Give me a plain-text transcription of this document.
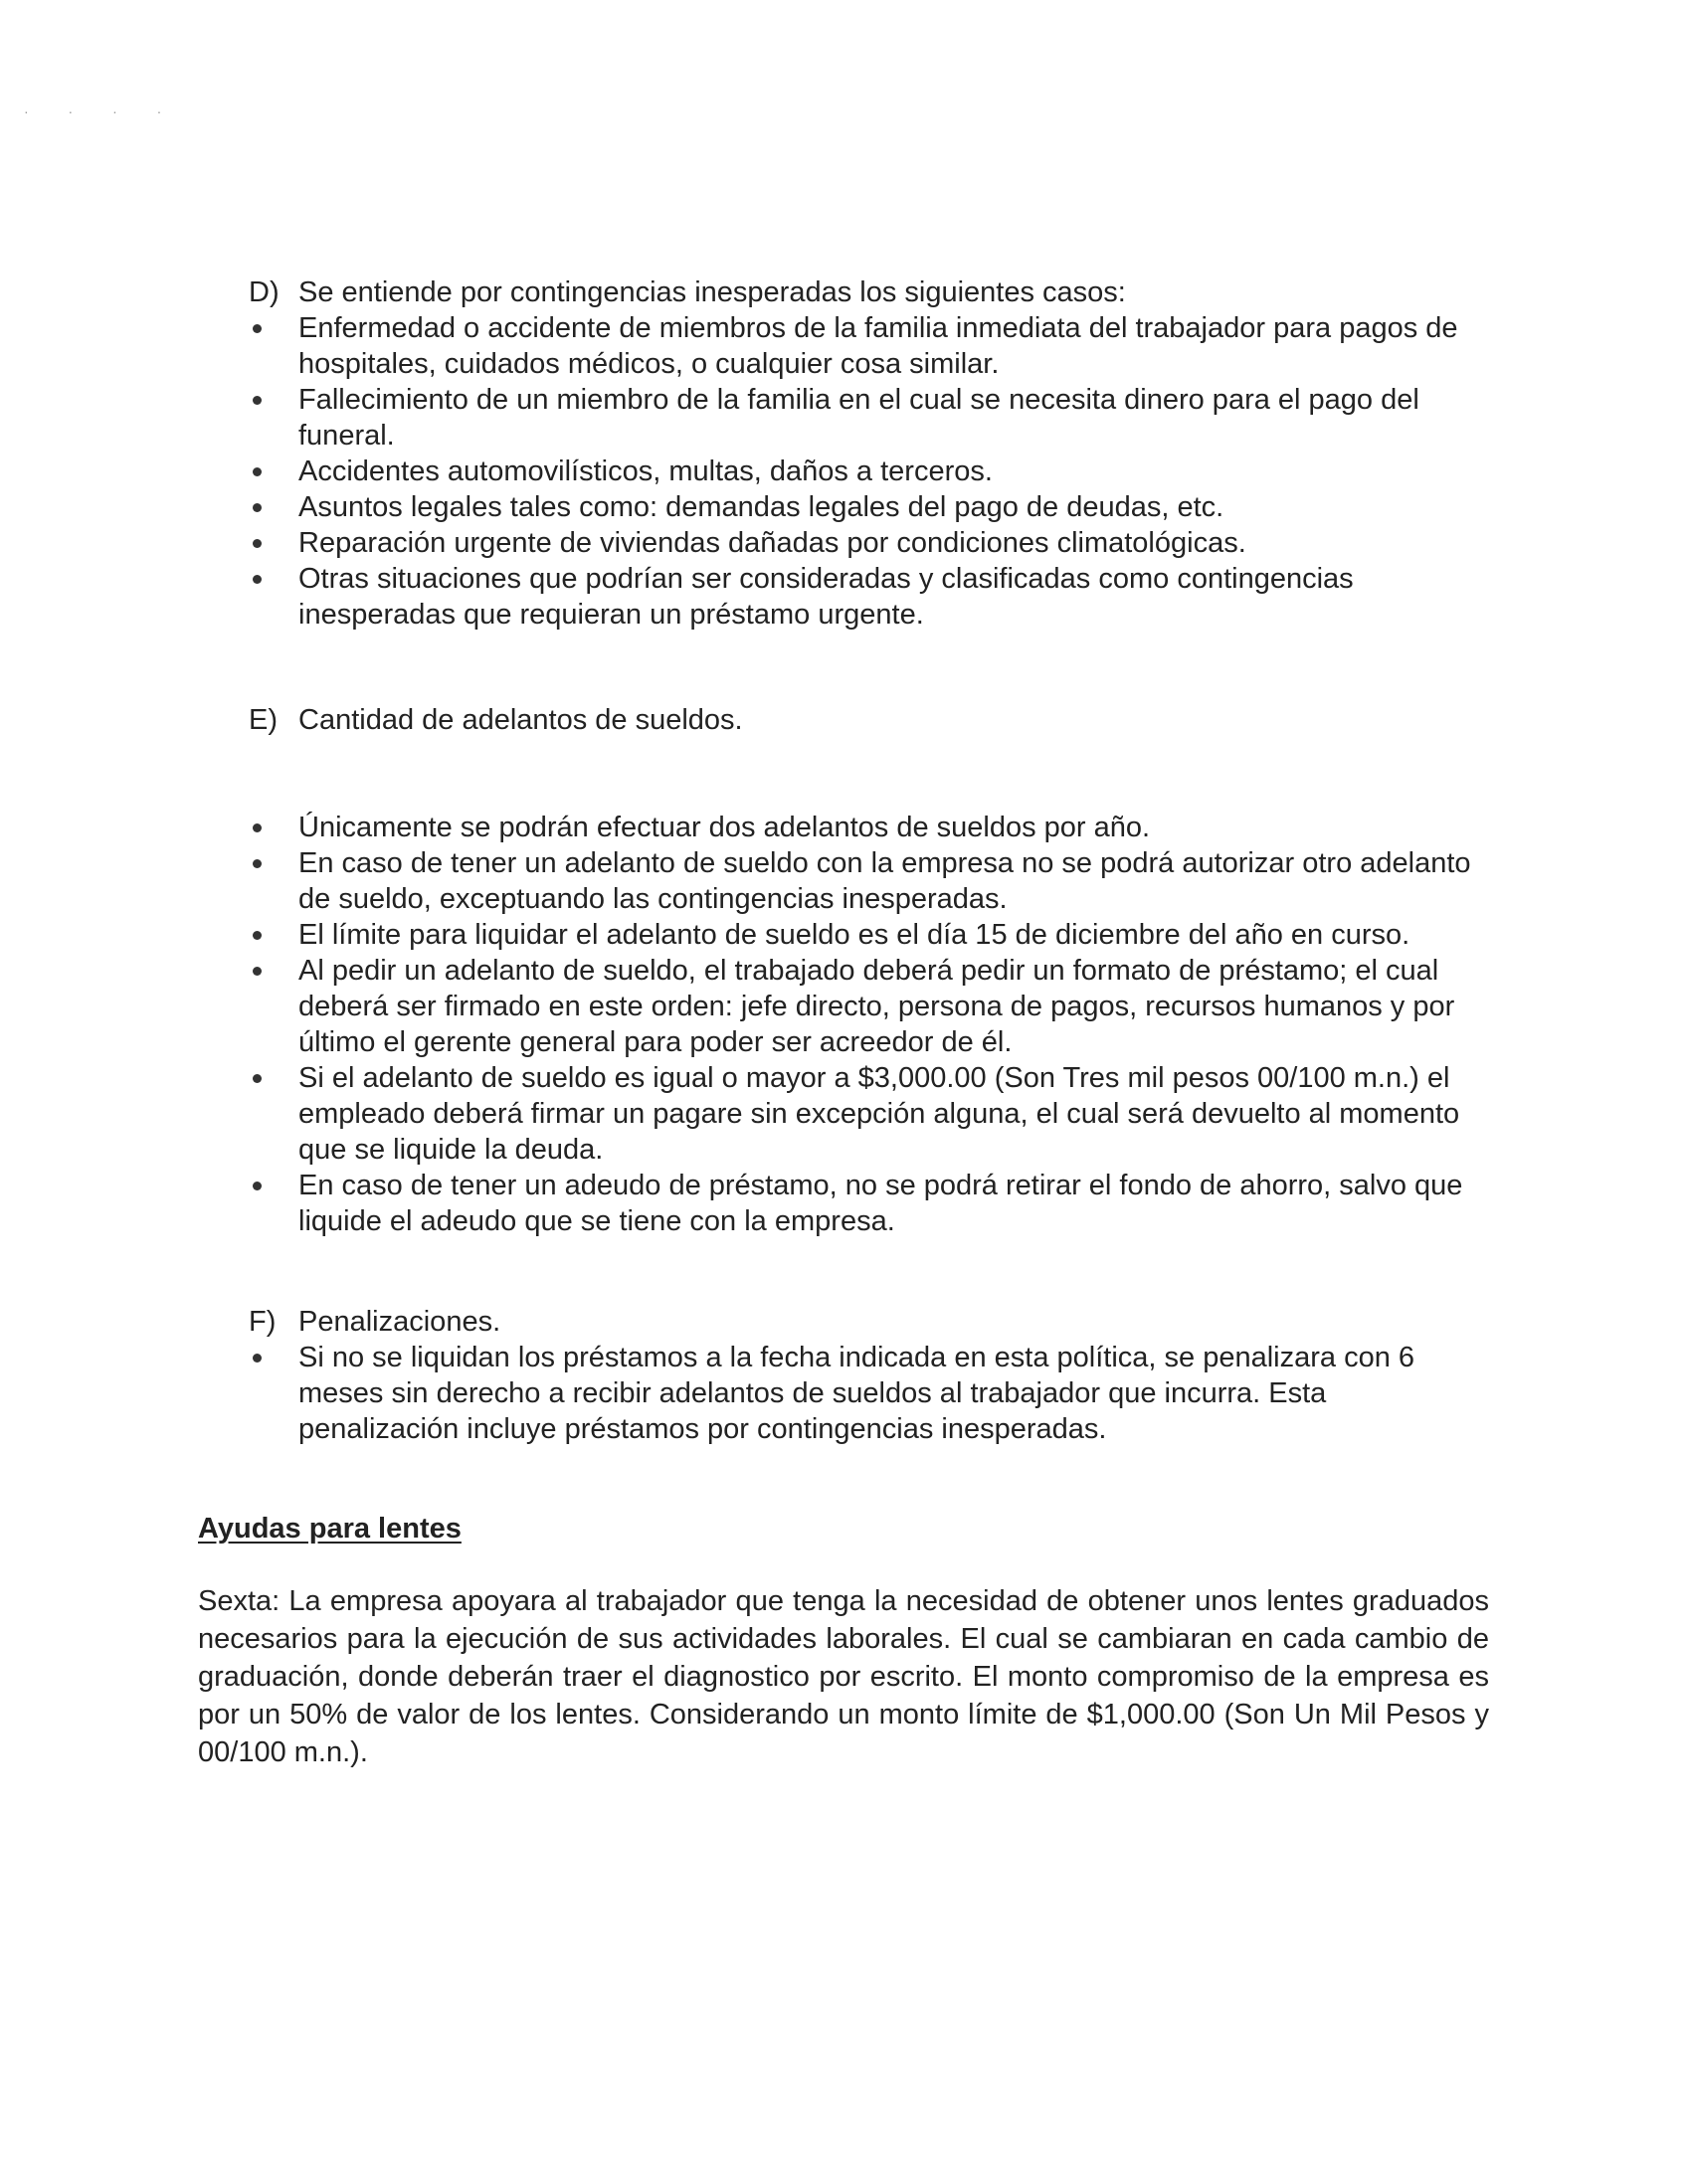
· · · ·
D) Se entiende por contingencias inesperadas los siguientes casos:
Enfermedad o accidente de miembros de la familia inmediata del trabajador para pagos de hospitales, cuidados médicos, o cualquier cosa similar.
Fallecimiento de un miembro de la familia en el cual se necesita dinero para el pago del funeral.
Accidentes automovilísticos, multas, daños a terceros.
Asuntos legales tales como: demandas legales del pago de deudas, etc.
Reparación urgente de viviendas dañadas por condiciones climatológicas.
Otras situaciones que podrían ser consideradas y clasificadas como contingencias inesperadas que requieran un préstamo urgente.
E) Cantidad de adelantos de sueldos.
Únicamente se podrán efectuar dos adelantos de sueldos por año.
En caso de tener un adelanto de sueldo con la empresa no se podrá autorizar otro adelanto de sueldo, exceptuando las contingencias inesperadas.
El límite para liquidar el adelanto de sueldo es el día 15 de diciembre del año en curso.
Al pedir un adelanto de sueldo, el trabajado deberá pedir un formato de préstamo; el cual deberá ser firmado en este orden: jefe directo, persona de pagos, recursos humanos y por último el gerente general para poder ser acreedor de él.
Si el adelanto de sueldo es igual o mayor a $3,000.00 (Son Tres mil pesos 00/100 m.n.) el empleado deberá firmar un pagare sin excepción alguna, el cual será devuelto al momento que se liquide la deuda.
En caso de tener un adeudo de préstamo, no se podrá retirar el fondo de ahorro, salvo que liquide el adeudo que se tiene con la empresa.
F) Penalizaciones.
Si no se liquidan los préstamos a la fecha indicada en esta política, se penalizara con 6 meses sin derecho a recibir adelantos de sueldos al trabajador que incurra. Esta penalización incluye préstamos por contingencias inesperadas.
Ayudas para lentes

Sexta: La empresa apoyara al trabajador que tenga la necesidad de obtener unos lentes graduados necesarios para la ejecución de sus actividades laborales. El cual se cambiaran en cada cambio de graduación, donde deberán traer el diagnostico por escrito. El monto compromiso de la empresa es por un 50% de valor de los lentes. Considerando un monto límite de $1,000.00 (Son Un Mil Pesos y 00/100 m.n.).
